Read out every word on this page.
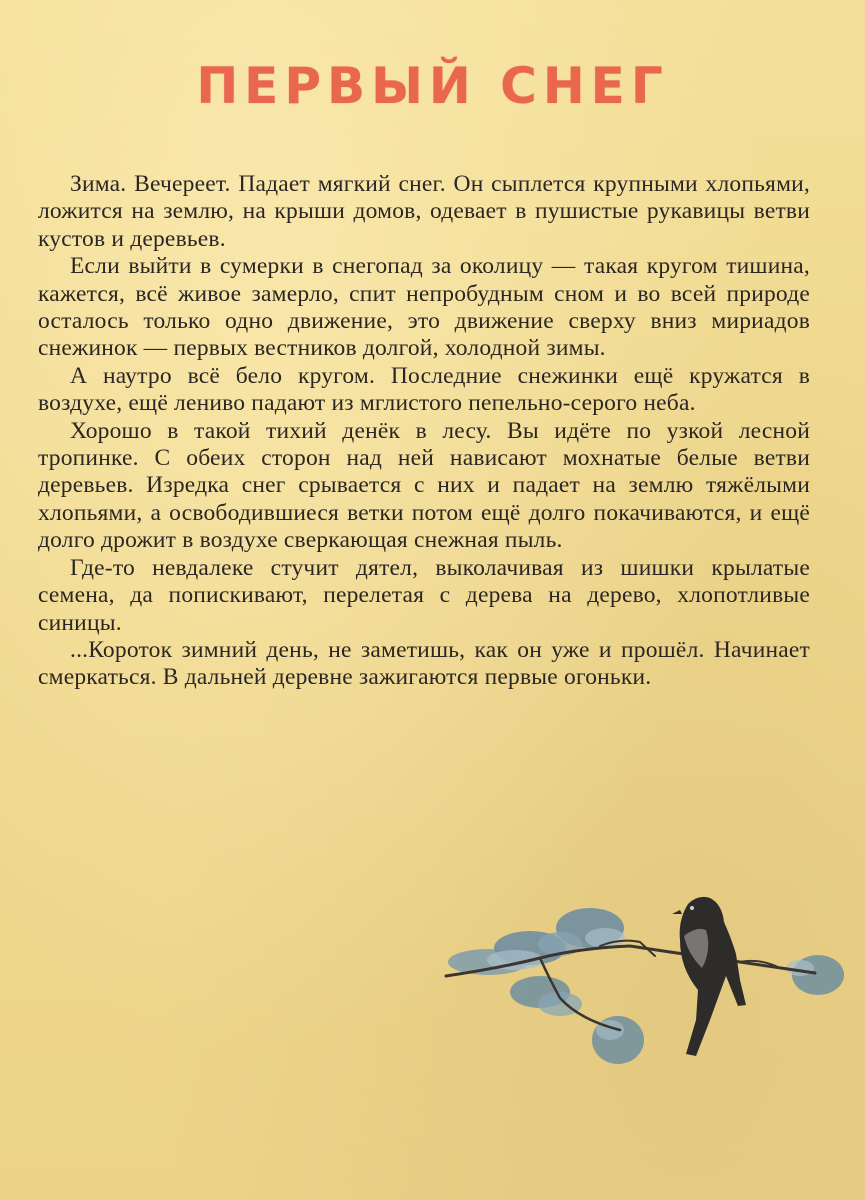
ПЕРВЫЙ СНЕГ

Зима. Вечереет. Падает мягкий снег. Он сыплется крупными хлопьями, ложится на землю, на крыши домов, одевает в пушистые рукавицы ветви кустов и деревьев.

Если выйти в сумерки в снегопад за околицу — такая кругом тишина, кажется, всё живое замерло, спит непробудным сном и во всей природе осталось только одно движение, это движение сверху вниз мириадов снежинок — первых вестников долгой, холодной зимы.

А наутро всё бело кругом. Последние снежинки ещё кружатся в воздухе, ещё лениво падают из мглистого пепельно-серого неба.

Хорошо в такой тихий денёк в лесу. Вы идёте по узкой лесной тропинке. С обеих сторон над ней нависают мохнатые белые ветви деревьев. Изредка снег срывается с них и падает на землю тяжёлыми хлопьями, а освободившиеся ветки потом ещё долго покачиваются, и ещё долго дрожит в воздухе сверкающая снежная пыль.

Где-то невдалеке стучит дятел, выколачивая из шишки крылатые семена, да попискивают, перелетая с дерева на дерево, хлопотливые синицы.

...Короток зимний день, не заметишь, как он уже и прошёл. Начинает смеркаться. В дальней деревне зажигаются первые огоньки.
